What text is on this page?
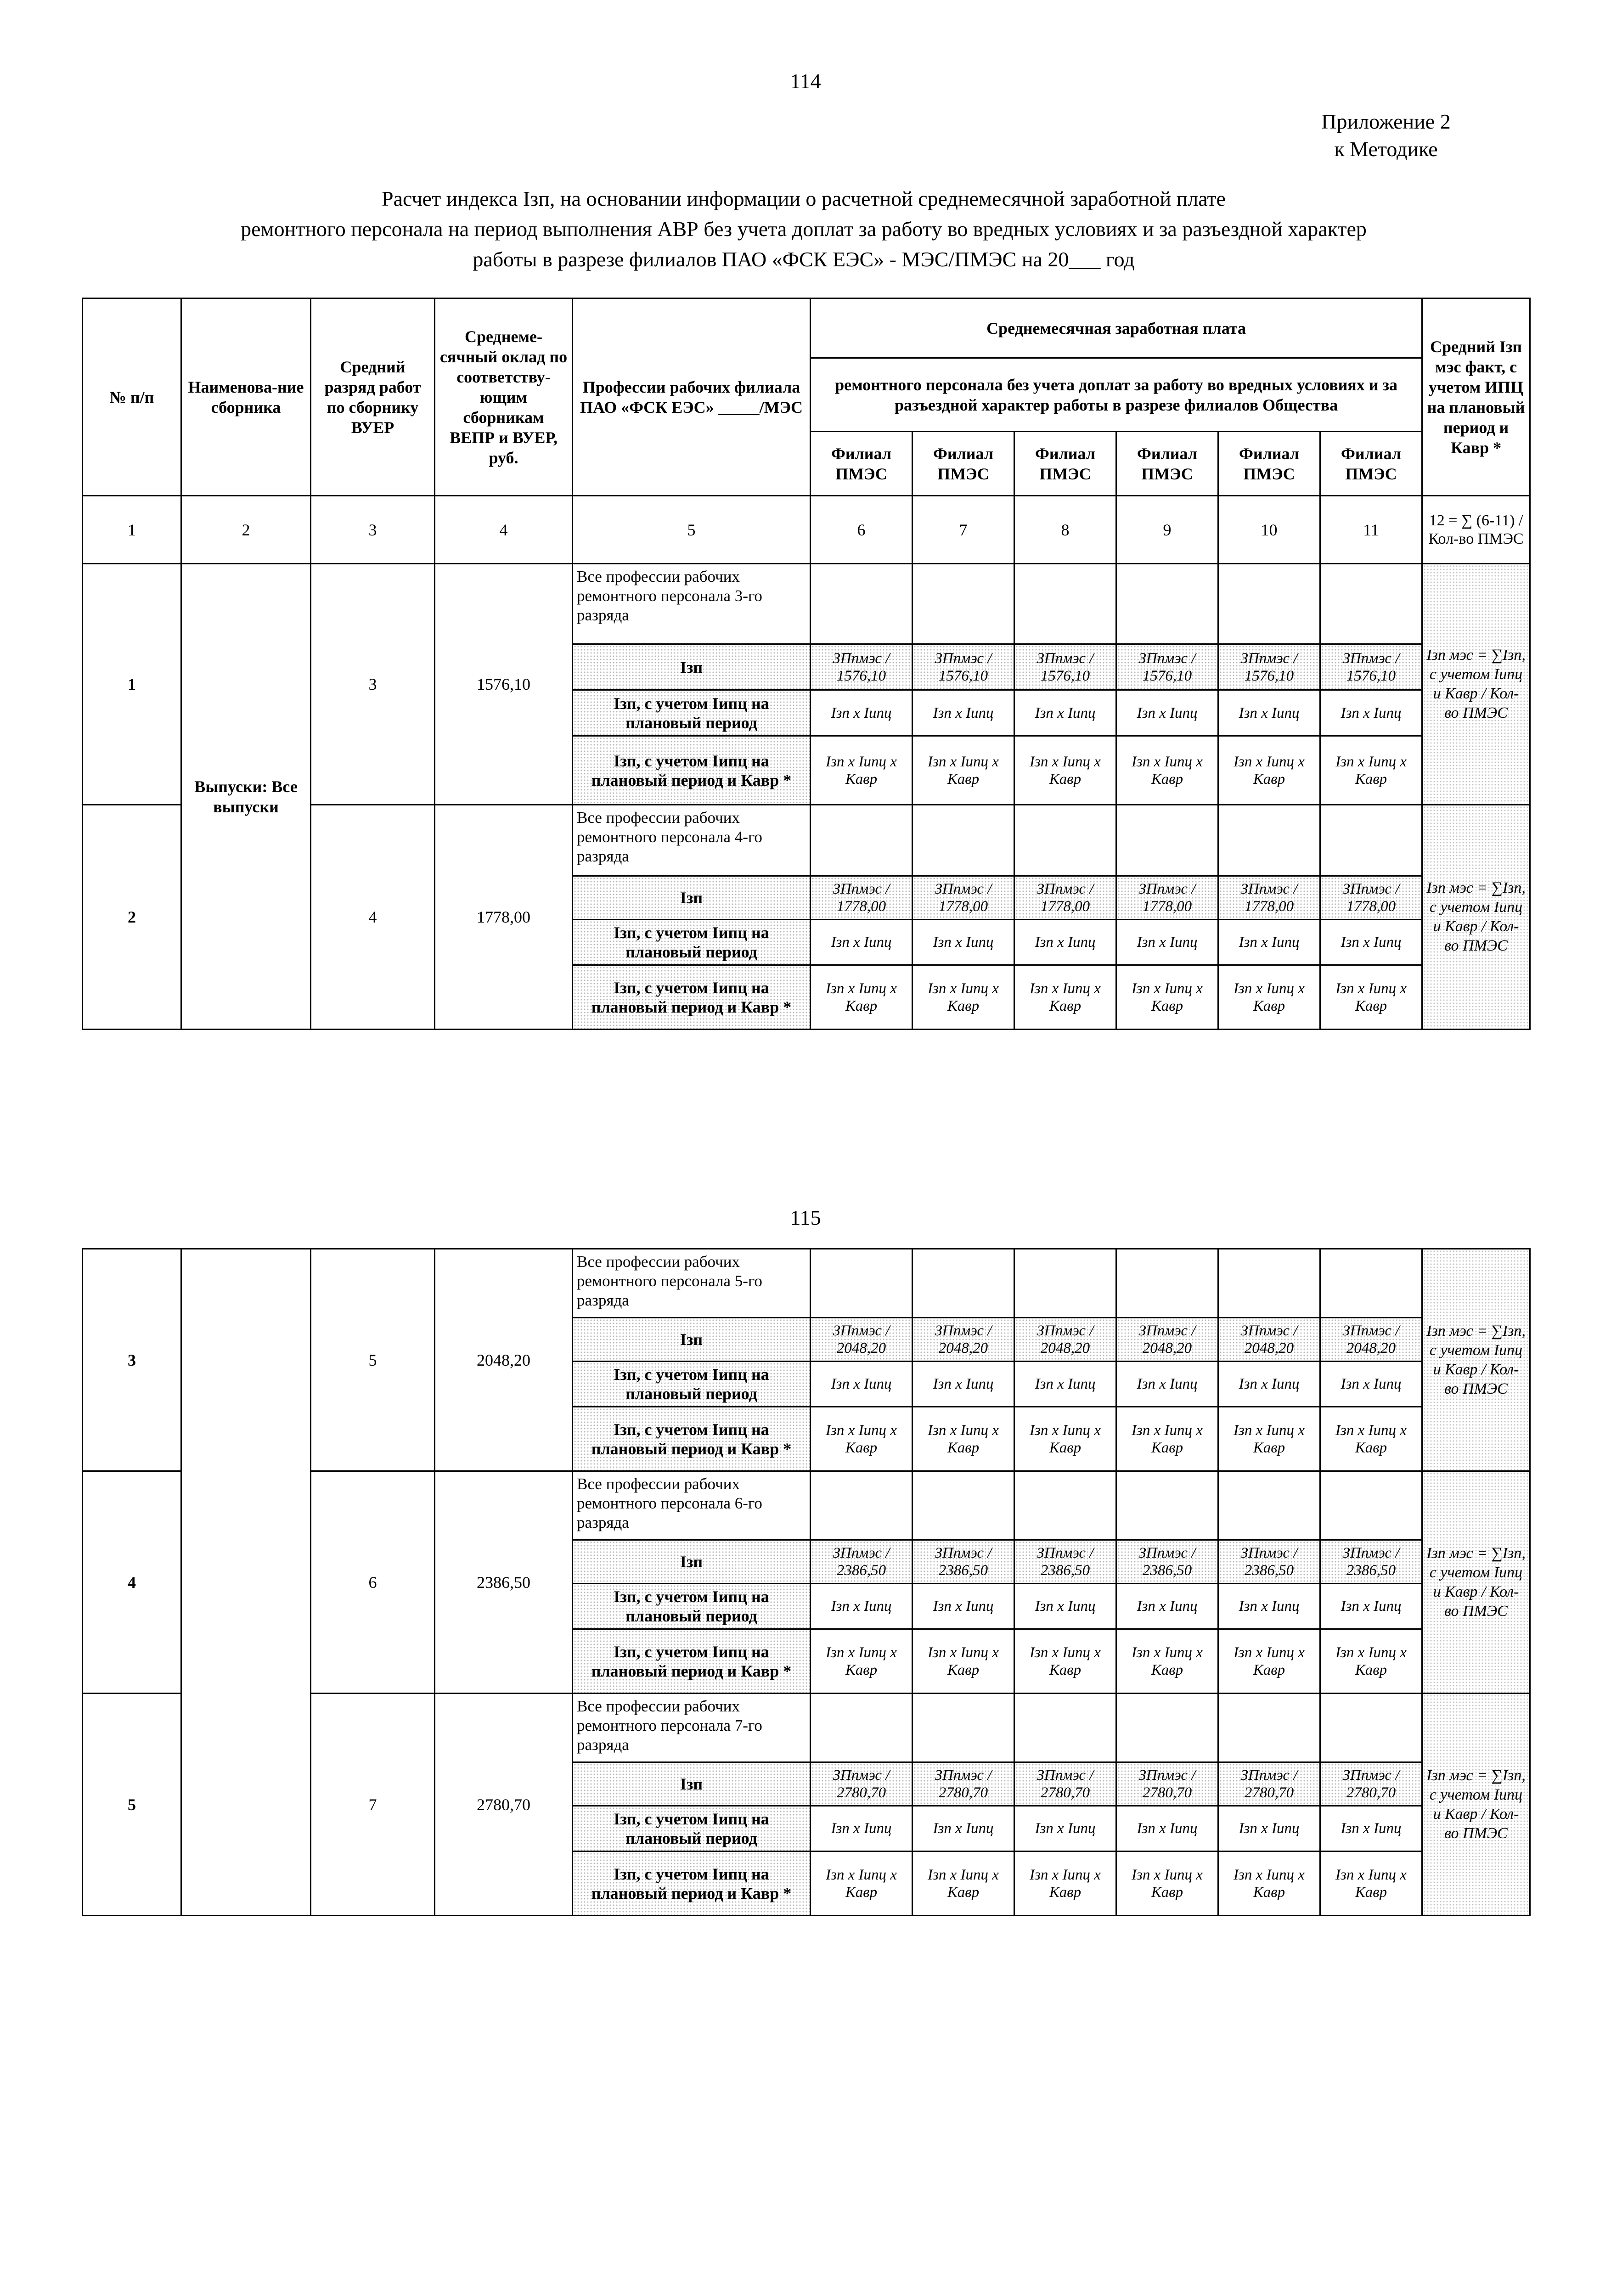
114
Приложение 2
к Методике
Расчет индекса Iзп, на основании информации о расчетной среднемесячной заработной плате
ремонтного персонала на период выполнения АВР без учета доплат за работу во вредных условиях и за разъездной характер
работы в разрезе филиалов ПАО «ФСК ЕЭС» - МЭС/ПМЭС на 20___ год
№ п/п	Наименова-ние сборника	Средний разряд работ по сборнику ВУЕР	Среднеме-сячный оклад по соответству-ющим сборникам ВЕПР и ВУЕР, руб.	Профессии рабочих филиала ПАО «ФСК ЕЭС» _____/МЭС	Среднемесячная заработная плата						Средний Iзп мэс факт, с учетом ИПЦ на плановый период и Кавр *
					ремонтного персонала без учета доплат за работу во вредных условиях и за разъездной характер работы в разрезе филиалов Общества						
					Филиал ПМЭС	Филиал ПМЭС	Филиал ПМЭС	Филиал ПМЭС	Филиал ПМЭС	Филиал ПМЭС	
1	2	3	4	5	6	7	8	9	10	11	12 = ∑ (6-11) / Кол-во ПМЭС
1	Выпуски: Все выпуски	3	1576,10	Все профессии рабочих ремонтного персонала 3-го разряда							Iзп мэс = ∑Iзп, с учетом Iипц и Кавр / Кол-во ПМЭС
				Iзп	ЗПпмэс / 1576,10	ЗПпмэс / 1576,10	ЗПпмэс / 1576,10	ЗПпмэс / 1576,10	ЗПпмэс / 1576,10	ЗПпмэс / 1576,10	
				Iзп, с учетом Iипц на плановый период	Iзп x Iипц	Iзп x Iипц	Iзп x Iипц	Iзп x Iипц	Iзп x Iипц	Iзп x Iипц	
				Iзп, с учетом Iипц на плановый период и Кавр *	Iзп x Iипц x Кавр	Iзп x Iипц x Кавр	Iзп x Iипц x Кавр	Iзп x Iипц x Кавр	Iзп x Iипц x Кавр	Iзп x Iипц x Кавр	
2		4	1778,00	Все профессии рабочих ремонтного персонала 4-го разряда							Iзп мэс = ∑Iзп, с учетом Iипц и Кавр / Кол-во ПМЭС
				Iзп	ЗПпмэс / 1778,00	ЗПпмэс / 1778,00	ЗПпмэс / 1778,00	ЗПпмэс / 1778,00	ЗПпмэс / 1778,00	ЗПпмэс / 1778,00	
				Iзп, с учетом Iипц на плановый период	Iзп x Iипц	Iзп x Iипц	Iзп x Iипц	Iзп x Iипц	Iзп x Iипц	Iзп x Iипц	
				Iзп, с учетом Iипц на плановый период и Кавр *	Iзп x Iипц x Кавр	Iзп x Iипц x Кавр	Iзп x Iипц x Кавр	Iзп x Iипц x Кавр	Iзп x Iипц x Кавр	Iзп x Iипц x Кавр	
115
3		5	2048,20	Все профессии рабочих ремонтного персонала 5-го разряда							Iзп мэс = ∑Iзп, с учетом Iипц и Кавр / Кол-во ПМЭС
				Iзп	ЗПпмэс / 2048,20	ЗПпмэс / 2048,20	ЗПпмэс / 2048,20	ЗПпмэс / 2048,20	ЗПпмэс / 2048,20	ЗПпмэс / 2048,20	
				Iзп, с учетом Iипц на плановый период	Iзп x Iипц	Iзп x Iипц	Iзп x Iипц	Iзп x Iипц	Iзп x Iипц	Iзп x Iипц	
				Iзп, с учетом Iипц на плановый период и Кавр *	Iзп x Iипц x Кавр	Iзп x Iипц x Кавр	Iзп x Iипц x Кавр	Iзп x Iипц x Кавр	Iзп x Iипц x Кавр	Iзп x Iипц x Кавр	
4		6	2386,50	Все профессии рабочих ремонтного персонала 6-го разряда							Iзп мэс = ∑Iзп, с учетом Iипц и Кавр / Кол-во ПМЭС
				Iзп	ЗПпмэс / 2386,50	ЗПпмэс / 2386,50	ЗПпмэс / 2386,50	ЗПпмэс / 2386,50	ЗПпмэс / 2386,50	ЗПпмэс / 2386,50	
				Iзп, с учетом Iипц на плановый период	Iзп x Iипц	Iзп x Iипц	Iзп x Iипц	Iзп x Iипц	Iзп x Iипц	Iзп x Iипц	
				Iзп, с учетом Iипц на плановый период и Кавр *	Iзп x Iипц x Кавр	Iзп x Iипц x Кавр	Iзп x Iипц x Кавр	Iзп x Iипц x Кавр	Iзп x Iипц x Кавр	Iзп x Iипц x Кавр	
5		7	2780,70	Все профессии рабочих ремонтного персонала 7-го разряда							Iзп мэс = ∑Iзп, с учетом Iипц и Кавр / Кол-во ПМЭС
				Iзп	ЗПпмэс / 2780,70	ЗПпмэс / 2780,70	ЗПпмэс / 2780,70	ЗПпмэс / 2780,70	ЗПпмэс / 2780,70	ЗПпмэс / 2780,70	
				Iзп, с учетом Iипц на плановый период	Iзп x Iипц	Iзп x Iипц	Iзп x Iипц	Iзп x Iипц	Iзп x Iипц	Iзп x Iипц	
				Iзп, с учетом Iипц на плановый период и Кавр *	Iзп x Iипц x Кавр	Iзп x Iипц x Кавр	Iзп x Iипц x Кавр	Iзп x Iипц x Кавр	Iзп x Iипц x Кавр	Iзп x Iипц x Кавр	
